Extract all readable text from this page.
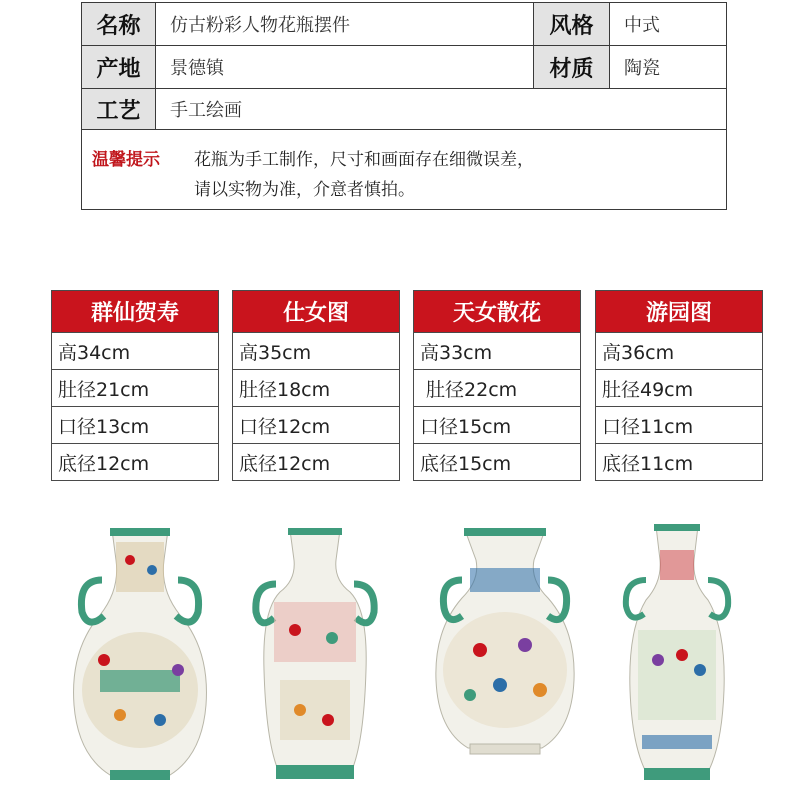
名称	仿古粉彩人物花瓶摆件	风格	中式
产地	景德镇	材质	陶瓷
工艺	手工绘画
温馨提示 花瓶为手工制作，尺寸和画面存在细微误差，
请以实物为准，介意者慎拍。
群仙贺寿
高34cm
肚径21cm
口径13cm
底径12cm
仕女图
高35cm
肚径18cm
口径12cm
底径12cm
天女散花
高33cm
肚径22cm
口径15cm
底径15cm
游园图
高36cm
肚径49cm
口径11cm
底径11cm
